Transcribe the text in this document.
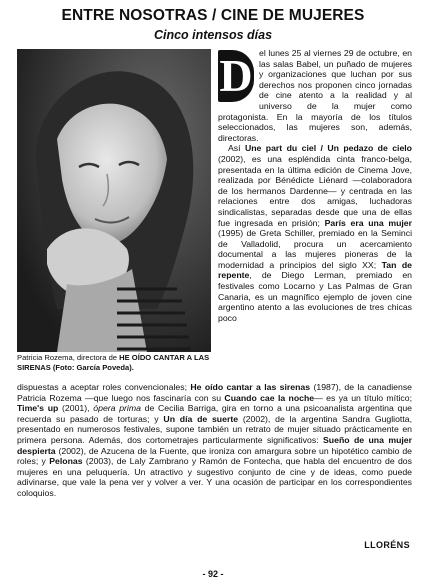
ENTRE NOSOTRAS / CINE DE MUJERES
Cinco intensos días
Patricia Rozema, directora de HE OÍDO CANTAR A LAS SIRENAS (Foto: García Poveda).
D el lunes 25 al viernes 29 de octubre, en las salas Babel, un puñado de mujeres y organizaciones que luchan por sus derechos nos proponen cinco jornadas de cine atento a la realidad y al universo de la mujer como protagonista. En la mayoría de los títulos seleccionados, las mujeres son, además, directoras.

Así Une part du ciel / Un pedazo de cielo (2002), es una espléndida cinta franco-belga, presentada en la última edición de Cinema Jove, realizada por Bénédicte Liénard —colaboradora de los hermanos Dardenne— y centrada en las relaciones entre dos amigas, luchadoras sindicalistas, separadas desde que una de ellas fue ingresada en prisión; París era una mujer (1995) de Greta Schiller, premiado en la Seminci de Valladolid, procura un acercamiento documental a las mujeres pioneras de la modernidad a principios del siglo XX; Tan de repente, de Diego Lerman, premiado en festivales como Locarno y Las Palmas de Gran Canaria, es un magnífico ejemplo de joven cine argentino atento a las evoluciones de tres chicas poco

dispuestas a aceptar roles convencionales; He oído cantar a las sirenas (1987), de la canadiense Patricia Rozema —que luego nos fascinaría con su Cuando cae la noche— es ya un título mítico; Time's up (2001), ópera prima de Cecilia Barriga, gira en torno a una psicoanalista argentina que recuerda su pasado de torturas; y Un día de suerte (2002), de la argentina Sandra Gugliotta, presentado en numerosos festivales, supone también un retrato de mujer situado prácticamente en primera persona. Además, dos cortometrajes particularmente significativos: Sueño de una mujer despierta (2002), de Azucena de la Fuente, que ironiza con amargura sobre un hipotético cambio de roles; y Pelonas (2003), de Laly Zambrano y Ramón de Fontecha, que habla del encuentro de dos mujeres en una peluquería. Un atractivo y sugestivo conjunto de cine y de ideas, como puede adivinarse, que vale la pena ver y volver a ver. Y una ocasión de participar en los correspondientes coloquios.

LLORÉNS
- 92 -
